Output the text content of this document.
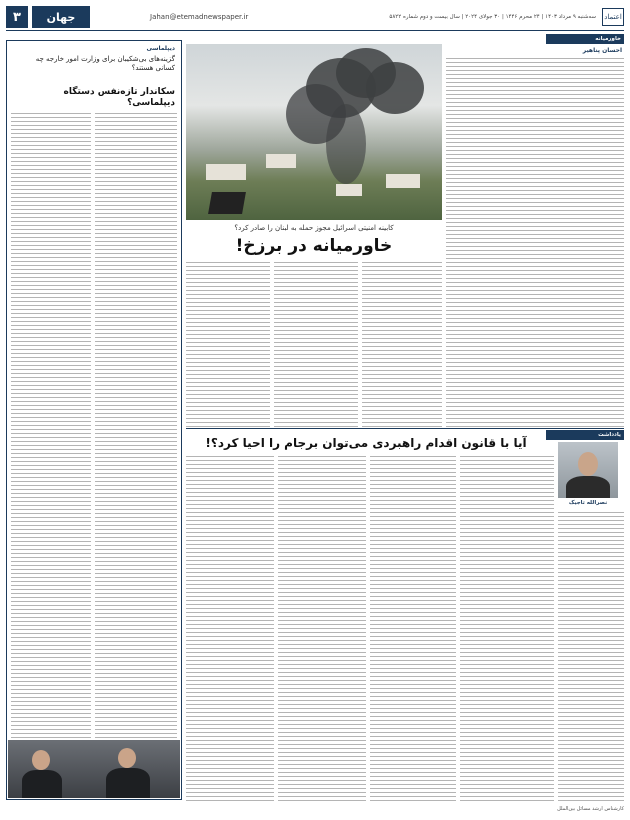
۳	جهان	Jahan@etemadnewspaper.ir	سه‌شنبه ۹ مرداد ۱۴۰۳ | ۲۴ محرم ۱۴۴۶ | ۳۰ جولای ۲۰۲۴ | سال بیست و دوم شماره ۵۸۲۲	اعتماد
خاورمیانه
احسان پناهیر
کابینه امنیتی اسرائیل مجوز حمله به لبنان را صادر کرد؟
خاورمیانه در برزخ!
دیپلماسی
گزینه‌های بی‌شکیبان برای وزارت امور خارجه چه کسانی هستند؟
سکاندار تازه‌نفس دستگاه دیپلماسی؟
یادداشت
آیا با قانون اقدام راهبردی می‌توان برجام را احیا کرد؟!
نصرالله تاجیک
کارشناس ارشد مسائل بین‌الملل
